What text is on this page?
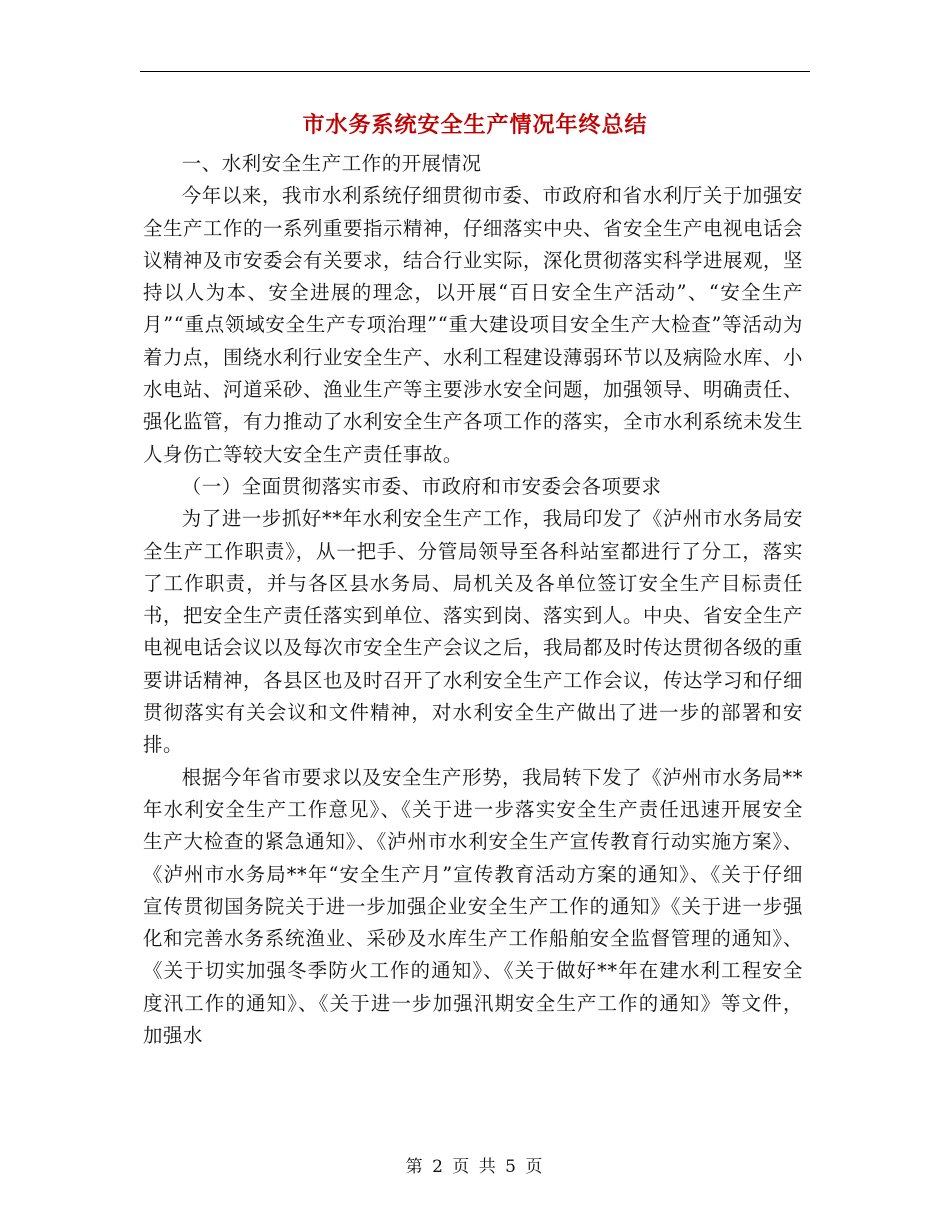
市水务系统安全生产情况年终总结

一、水利安全生产工作的开展情况

今年以来，我市水利系统仔细贯彻市委、市政府和省水利厅关于加强安全生产工作的一系列重要指示精神，仔细落实中央、省安全生产电视电话会议精神及市安委会有关要求，结合行业实际，深化贯彻落实科学进展观，坚持以人为本、安全进展的理念，以开展“百日安全生产活动”、“安全生产月”“重点领域安全生产专项治理”“重大建设项目安全生产大检查”等活动为着力点，围绕水利行业安全生产、水利工程建设薄弱环节以及病险水库、小水电站、河道采砂、渔业生产等主要涉水安全问题，加强领导、明确责任、强化监管，有力推动了水利安全生产各项工作的落实，全市水利系统未发生人身伤亡等较大安全生产责任事故。

（一）全面贯彻落实市委、市政府和市安委会各项要求

为了进一步抓好**年水利安全生产工作，我局印发了《泸州市水务局安全生产工作职责》，从一把手、分管局领导至各科站室都进行了分工，落实了工作职责，并与各区县水务局、局机关及各单位签订安全生产目标责任书，把安全生产责任落实到单位、落实到岗、落实到人。中央、省安全生产电视电话会议以及每次市安全生产会议之后，我局都及时传达贯彻各级的重要讲话精神，各县区也及时召开了水利安全生产工作会议，传达学习和仔细贯彻落实有关会议和文件精神，对水利安全生产做出了进一步的部署和安排。

根据今年省市要求以及安全生产形势，我局转下发了《泸州市水务局**年水利安全生产工作意见》、《关于进一步落实安全生产责任迅速开展安全生产大检查的紧急通知》、《泸州市水利安全生产宣传教育行动实施方案》、《泸州市水务局**年“安全生产月”宣传教育活动方案的通知》、《关于仔细宣传贯彻国务院关于进一步加强企业安全生产工作的通知》《关于进一步强化和完善水务系统渔业、采砂及水库生产工作船舶安全监督管理的通知》、《关于切实加强冬季防火工作的通知》、《关于做好**年在建水利工程安全度汛工作的通知》、《关于进一步加强汛期安全生产工作的通知》等文件，加强水

第 2 页 共 5 页
